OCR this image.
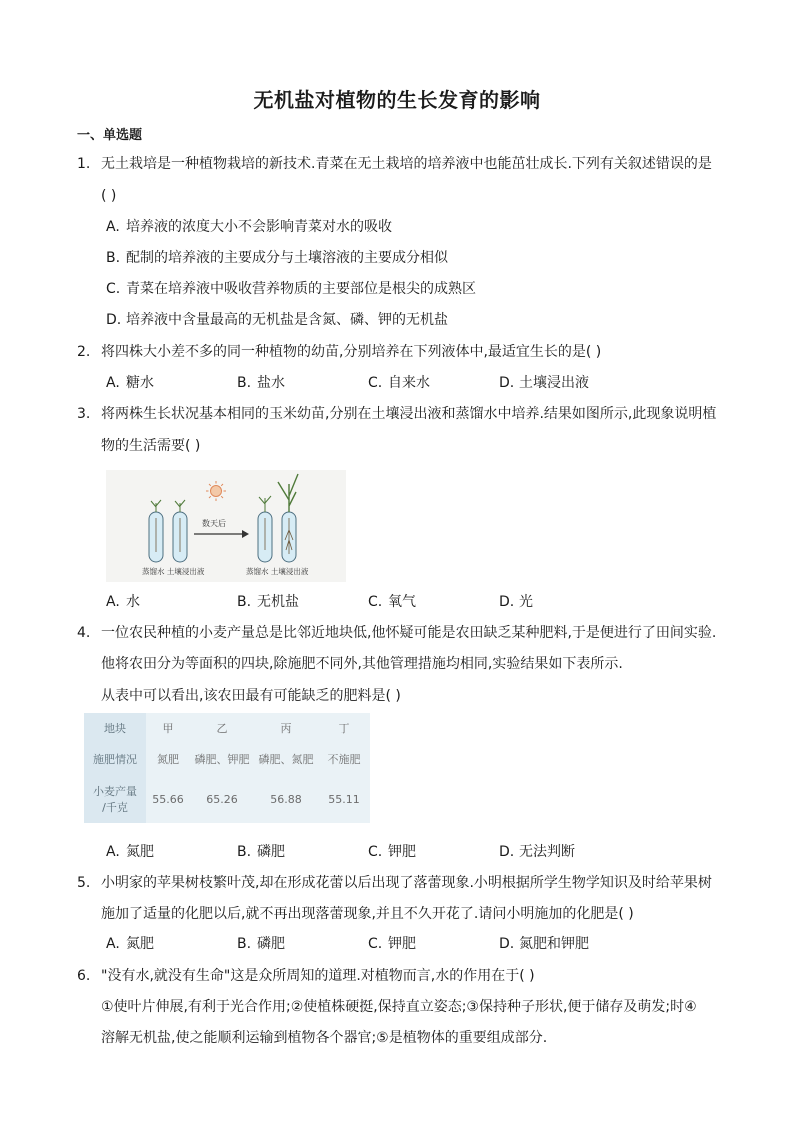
无机盐对植物的生长发育的影响
一、单选题
1. 无土栽培是一种植物栽培的新技术.青菜在无土栽培的培养液中也能茁壮成长.下列有关叙述错误的是
( )
A. 培养液的浓度大小不会影响青菜对水的吸收
B. 配制的培养液的主要成分与土壤溶液的主要成分相似
C. 青菜在培养液中吸收营养物质的主要部位是根尖的成熟区
D. 培养液中含量最高的无机盐是含氮、磷、钾的无机盐
2. 将四株大小差不多的同一种植物的幼苗,分别培养在下列液体中,最适宜生长的是( )
A. 糖水	B. 盐水	C. 自来水	D. 土壤浸出液
3. 将两株生长状况基本相同的玉米幼苗,分别在土壤浸出液和蒸馏水中培养.结果如图所示,此现象说明植
物的生活需要( )
数天后
蒸馏水 土壤浸出液	蒸馏水 土壤浸出液
A. 水	B. 无机盐	C. 氧气	D. 光
4. 一位农民种植的小麦产量总是比邻近地块低,他怀疑可能是农田缺乏某种肥料,于是便进行了田间实验.
他将农田分为等面积的四块,除施肥不同外,其他管理措施均相同,实验结果如下表所示.
从表中可以看出,该农田最有可能缺乏的肥料是( )
地块	甲	乙	丙	丁
施肥情况	氮肥	磷肥、钾肥	磷肥、氮肥	不施肥

小麦产量
/千克	55.66	65.26	56.88	55.11
A. 氮肥	B. 磷肥	C. 钾肥	D. 无法判断
5. 小明家的苹果树枝繁叶茂,却在形成花蕾以后出现了落蕾现象.小明根据所学生物学知识及时给苹果树
施加了适量的化肥以后,就不再出现落蕾现象,并且不久开花了.请问小明施加的化肥是( )
A. 氮肥	B. 磷肥	C. 钾肥	D. 氮肥和钾肥
6. "没有水,就没有生命"这是众所周知的道理.对植物而言,水的作用在于( )
①使叶片伸展,有利于光合作用;②使植株硬挺,保持直立姿态;③保持种子形状,便于储存及萌发;时④
溶解无机盐,使之能顺利运输到植物各个器官;⑤是植物体的重要组成部分.
